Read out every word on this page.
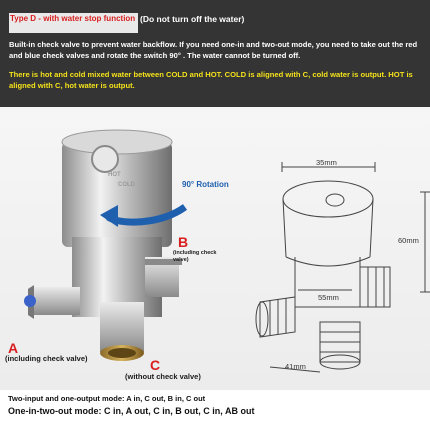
Type D - with water stop function (Do not turn off the water)
Built-in check valve to prevent water backflow. If you need one-in and two-out mode, you need to take out the red and blue check valves and rotate the switch 90° . The water cannot be turned off.
There is hot and cold mixed water between COLD and HOT. COLD is aligned with C, cold water is output. HOT is aligned with C, hot water is output.
90° Rotation
B
(including check valve)
A
(including check valve)	C
(without check valve)
HOT
COLD
35mm
60mm
55mm
41mm
Two-input and one-output mode: A in, C out, B in, C out
One-in-two-out mode: C in, A out, C in, B out, C in, AB out
